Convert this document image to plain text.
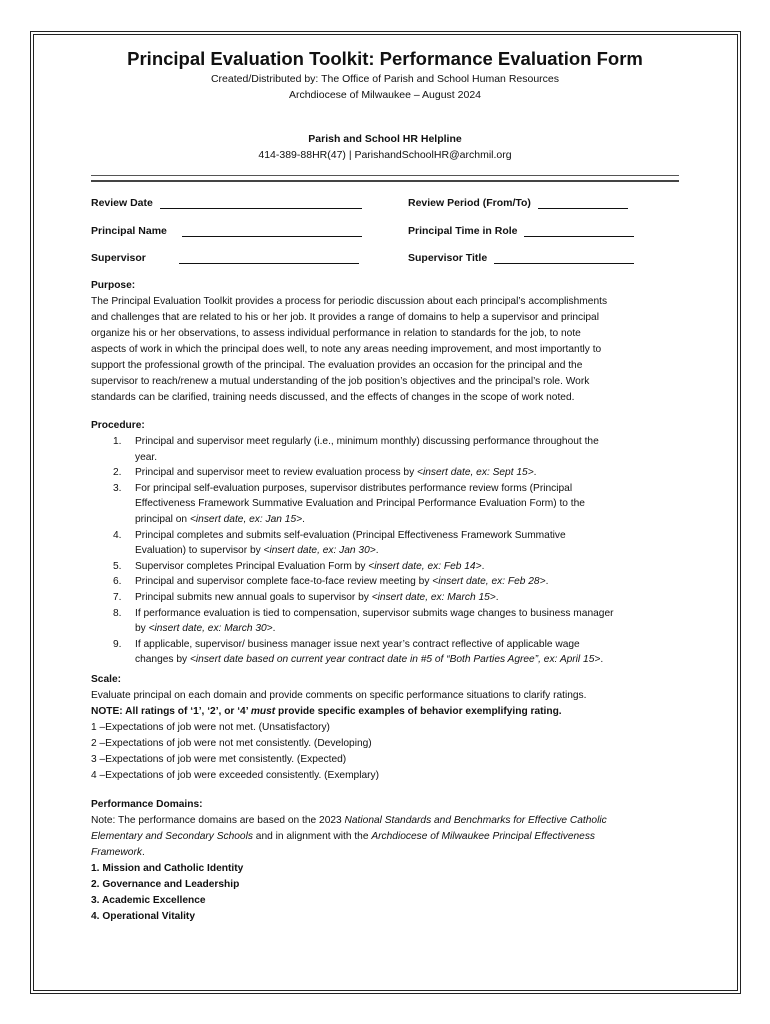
Principal Evaluation Toolkit: Performance Evaluation Form
Created/Distributed by: The Office of Parish and School Human Resources
Archdiocese of Milwaukee – August 2024
Parish and School HR Helpline
414-389-88HR(47) | ParishandSchoolHR@archmil.org
Review Date	Review Period (From/To)
Principal Name	Principal Time in Role
Supervisor	Supervisor Title
Purpose:
The Principal Evaluation Toolkit provides a process for periodic discussion about each principal’s accomplishments
and challenges that are related to his or her job. It provides a range of domains to help a supervisor and principal
organize his or her observations, to assess individual performance in relation to standards for the job, to note
aspects of work in which the principal does well, to note any areas needing improvement, and most importantly to
support the professional growth of the principal. The evaluation provides an occasion for the principal and the
supervisor to reach/renew a mutual understanding of the job position’s objectives and the principal’s role. Work
standards can be clarified, training needs discussed, and the effects of changes in the scope of work noted.
Procedure:
1. Principal and supervisor meet regularly (i.e., minimum monthly) discussing performance throughout the
year.
2. Principal and supervisor meet to review evaluation process by <insert date, ex: Sept 15>.
3. For principal self-evaluation purposes, supervisor distributes performance review forms (Principal
Effectiveness Framework Summative Evaluation and Principal Performance Evaluation Form) to the
principal on <insert date, ex: Jan 15>.
4. Principal completes and submits self-evaluation (Principal Effectiveness Framework Summative
Evaluation) to supervisor by <insert date, ex: Jan 30>.
5. Supervisor completes Principal Evaluation Form by <insert date, ex: Feb 14>.
6. Principal and supervisor complete face-to-face review meeting by <insert date, ex: Feb 28>.
7. Principal submits new annual goals to supervisor by <insert date, ex: March 15>.
8. If performance evaluation is tied to compensation, supervisor submits wage changes to business manager
by <insert date, ex: March 30>.
9. If applicable, supervisor/ business manager issue next year’s contract reflective of applicable wage
changes by <insert date based on current year contract date in #5 of “Both Parties Agree”, ex: April 15>.
Scale:
Evaluate principal on each domain and provide comments on specific performance situations to clarify ratings.
NOTE: All ratings of ‘1’, ‘2’, or ‘4’ must provide specific examples of behavior exemplifying rating.
1 –Expectations of job were not met. (Unsatisfactory)
2 –Expectations of job were not met consistently. (Developing)
3 –Expectations of job were met consistently. (Expected)
4 –Expectations of job were exceeded consistently. (Exemplary)
Performance Domains:
Note: The performance domains are based on the 2023 National Standards and Benchmarks for Effective Catholic
Elementary and Secondary Schools and in alignment with the Archdiocese of Milwaukee Principal Effectiveness
Framework.
1. Mission and Catholic Identity
2. Governance and Leadership
3. Academic Excellence
4. Operational Vitality
